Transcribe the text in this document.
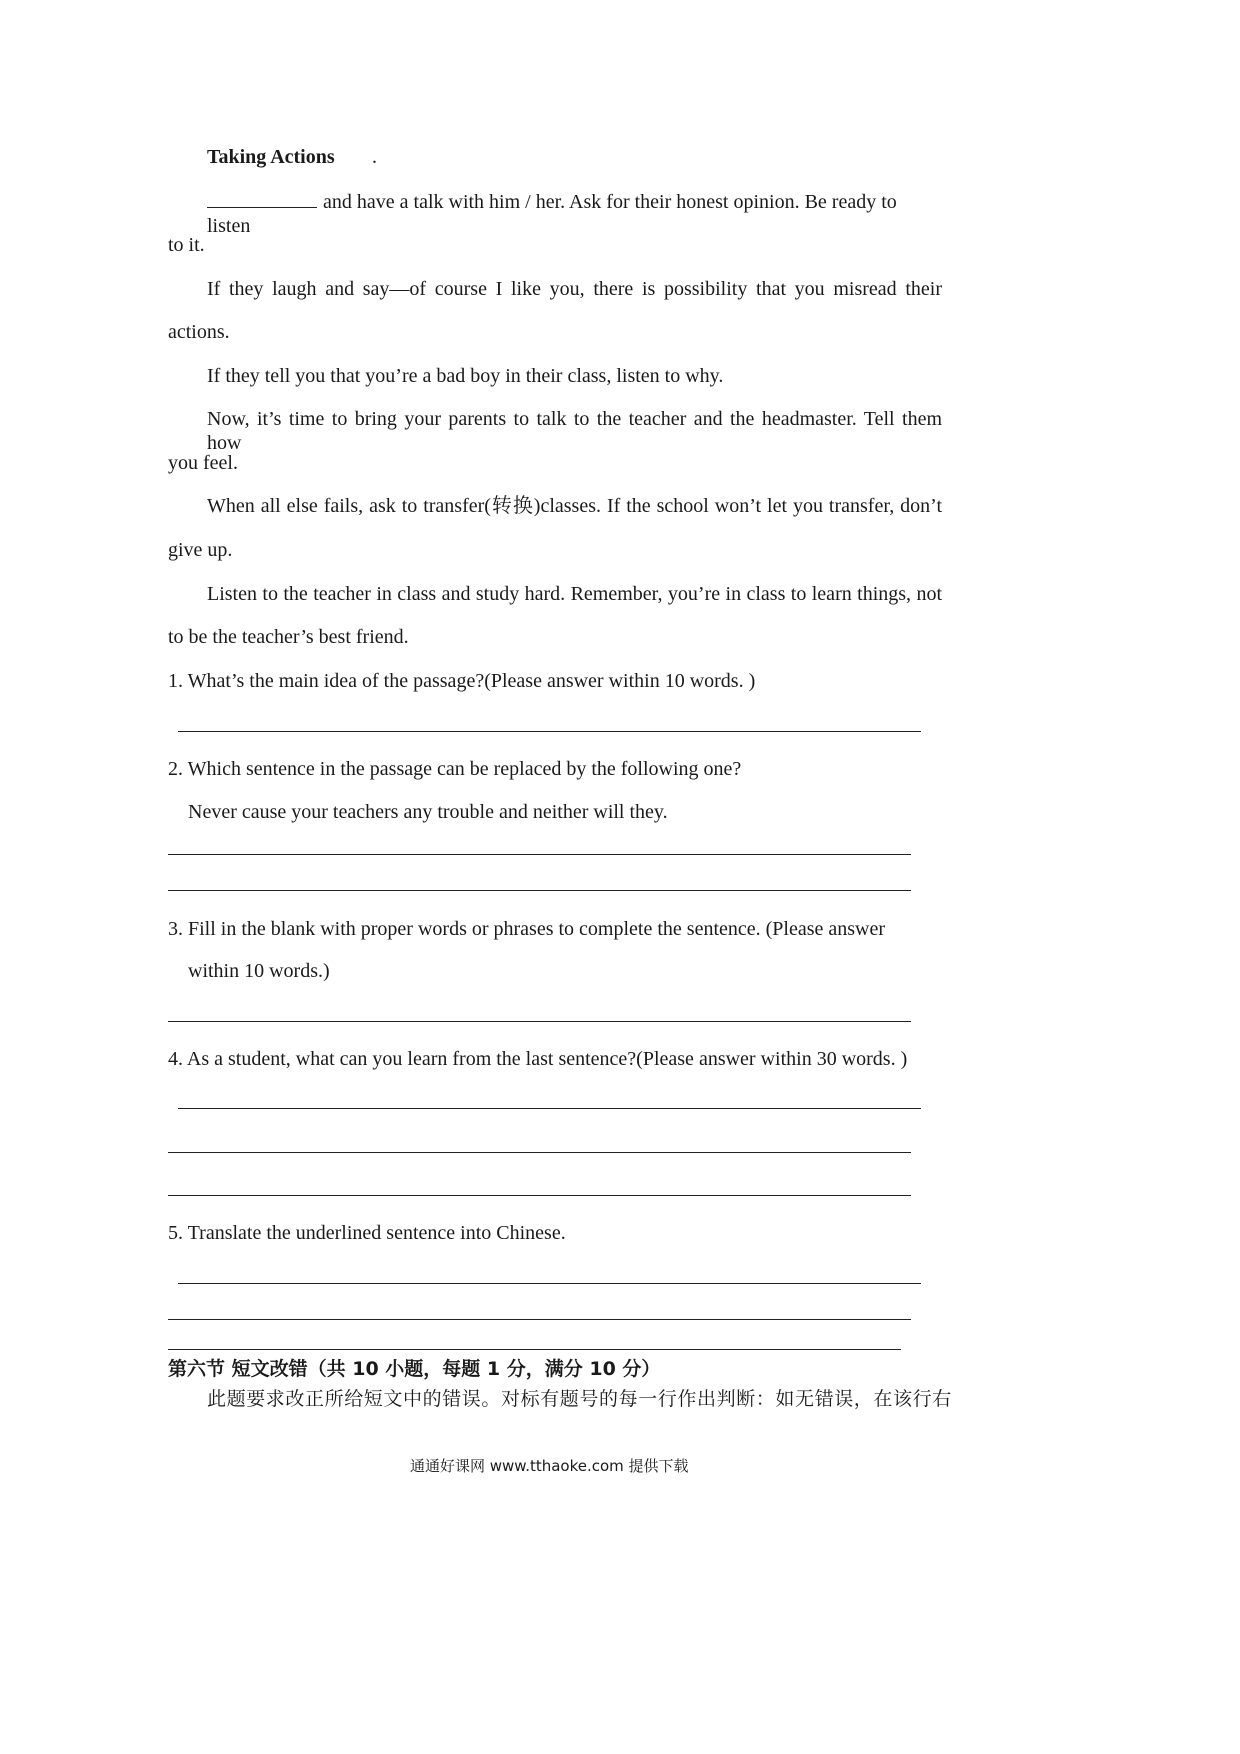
Taking Actions .
and have a talk with him / her. Ask for their honest opinion. Be ready to listen
to it.
If they laugh and say—of course I like you, there is possibility that you misread their
actions.
If they tell you that you’re a bad boy in their class, listen to why.
Now, it’s time to bring your parents to talk to the teacher and the headmaster. Tell them how
you feel.
When all else fails, ask to transfer(转换)classes. If the school won’t let you transfer, don’t
give up.
Listen to the teacher in class and study hard. Remember, you’re in class to learn things, not
to be the teacher’s best friend.
1. What’s the main idea of the passage?(Please answer within 10 words. )
2. Which sentence in the passage can be replaced by the following one?
Never cause your teachers any trouble and neither will they.
3. Fill in the blank with proper words or phrases to complete the sentence. (Please answer
within 10 words.)
4. As a student, what can you learn from the last sentence?(Please answer within 30 words. )
5. Translate the underlined sentence into Chinese.
第六节 短文改错（共 10 小题，每题 1 分，满分 10 分）
此题要求改正所给短文中的错误。对标有题号的每一行作出判断：如无错误，在该行右
通通好课网 www.tthaoke.com 提供下载
